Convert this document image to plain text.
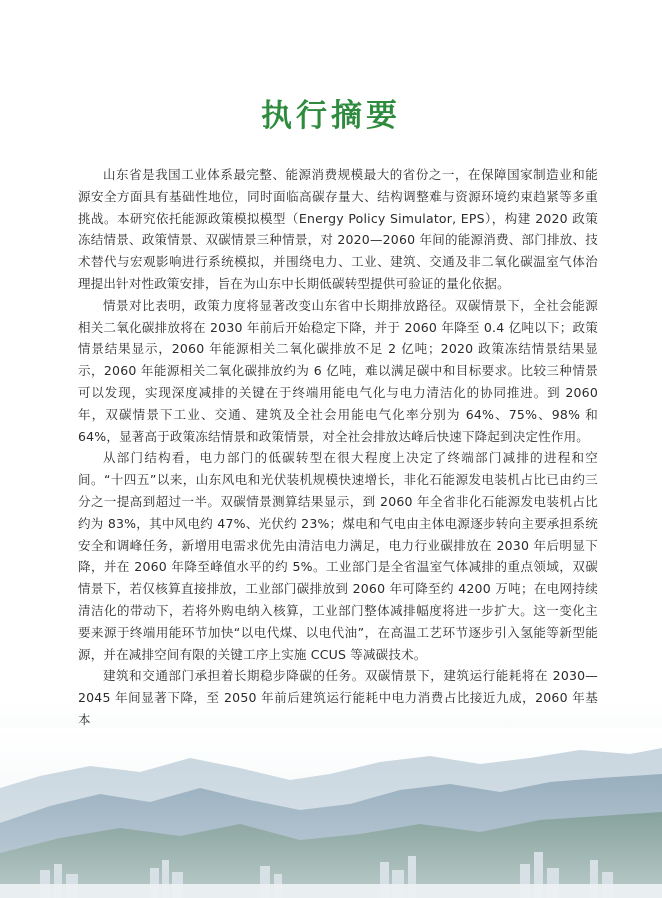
执行摘要

山东省是我国工业体系最完整、能源消费规模最大的省份之一，在保障国家制造业和能源安全方面具有基础性地位，同时面临高碳存量大、结构调整难与资源环境约束趋紧等多重挑战。本研究依托能源政策模拟模型（Energy Policy Simulator, EPS），构建 2020 政策冻结情景、政策情景、双碳情景三种情景，对 2020—2060 年间的能源消费、部门排放、技术替代与宏观影响进行系统模拟，并围绕电力、工业、建筑、交通及非二氧化碳温室气体治理提出针对性政策安排，旨在为山东中长期低碳转型提供可验证的量化依据。

情景对比表明，政策力度将显著改变山东省中长期排放路径。双碳情景下，全社会能源相关二氧化碳排放将在 2030 年前后开始稳定下降，并于 2060 年降至 0.4 亿吨以下；政策情景结果显示，2060 年能源相关二氧化碳排放不足 2 亿吨；2020 政策冻结情景结果显示，2060 年能源相关二氧化碳排放约为 6 亿吨，难以满足碳中和目标要求。比较三种情景可以发现，实现深度减排的关键在于终端用能电气化与电力清洁化的协同推进。到 2060 年，双碳情景下工业、交通、建筑及全社会用能电气化率分别为 64%、75%、98% 和 64%，显著高于政策冻结情景和政策情景，对全社会排放达峰后快速下降起到决定性作用。

从部门结构看，电力部门的低碳转型在很大程度上决定了终端部门减排的进程和空间。“十四五”以来，山东风电和光伏装机规模快速增长，非化石能源发电装机占比已由约三分之一提高到超过一半。双碳情景测算结果显示，到 2060 年全省非化石能源发电装机占比约为 83%，其中风电约 47%、光伏约 23%；煤电和气电由主体电源逐步转向主要承担系统安全和调峰任务，新增用电需求优先由清洁电力满足，电力行业碳排放在 2030 年后明显下降，并在 2060 年降至峰值水平的约 5%。工业部门是全省温室气体减排的重点领域，双碳情景下，若仅核算直接排放，工业部门碳排放到 2060 年可降至约 4200 万吨；在电网持续清洁化的带动下，若将外购电纳入核算，工业部门整体减排幅度将进一步扩大。这一变化主要来源于终端用能环节加快“以电代煤、以电代油”，在高温工艺环节逐步引入氢能等新型能源，并在减排空间有限的关键工序上实施 CCUS 等减碳技术。

建筑和交通部门承担着长期稳步降碳的任务。双碳情景下，建筑运行能耗将在 2030—2045 年间显著下降，至 2050 年前后建筑运行能耗中电力消费占比接近九成，2060 年基本
